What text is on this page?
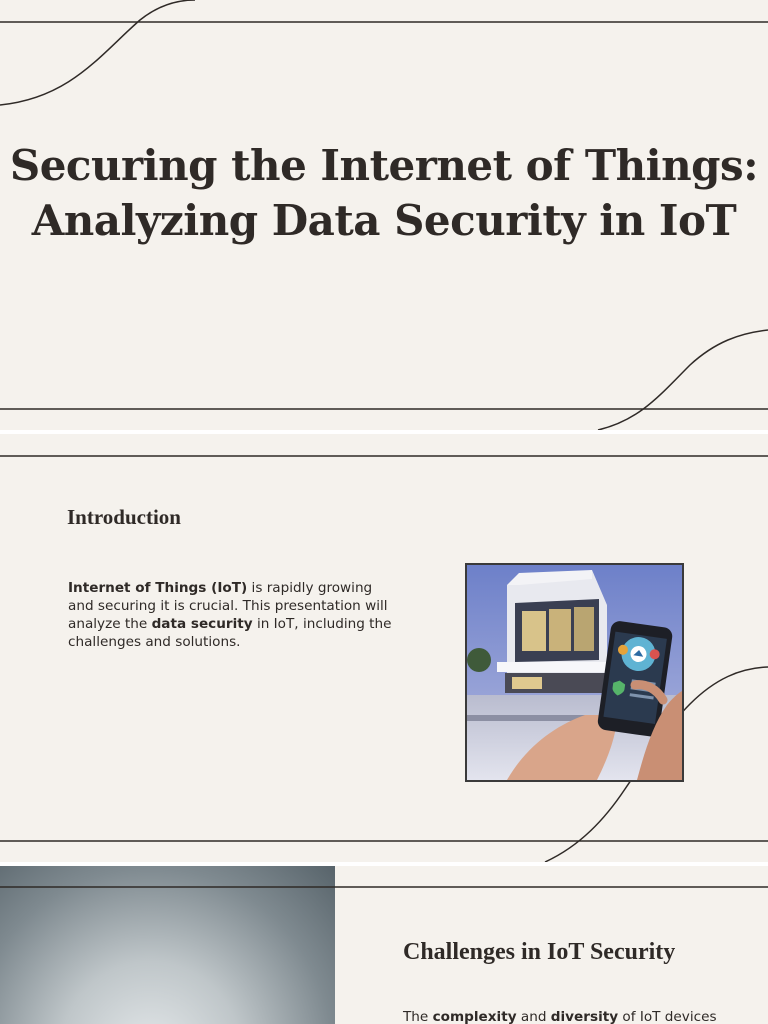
Securing the Internet of Things:
Analyzing Data Security in IoT
Introduction

Internet of Things (IoT) is rapidly growing and securing it is crucial. This presentation will analyze the data security in IoT, including the challenges and solutions.

Challenges in IoT Security

The complexity and diversity of IoT devices
